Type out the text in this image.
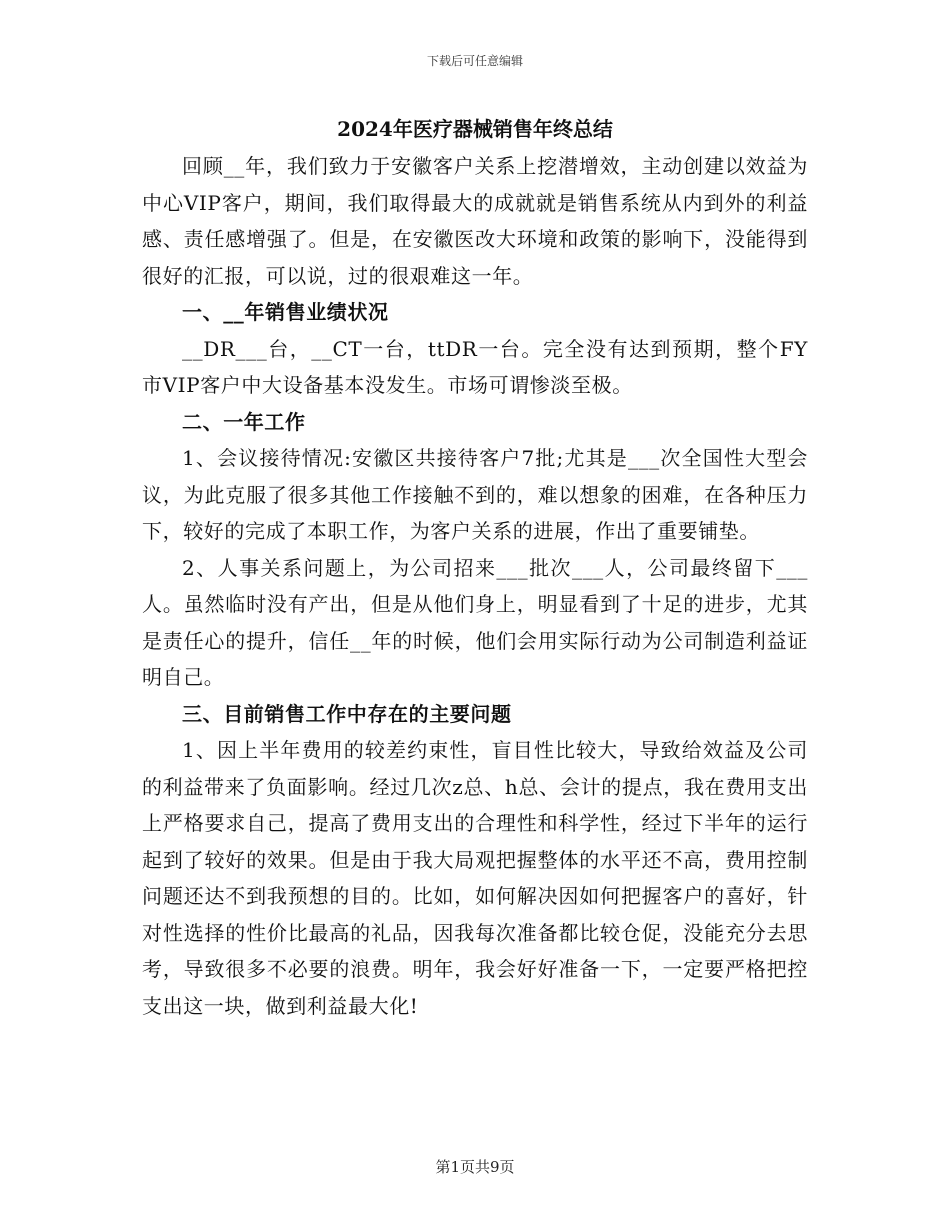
下载后可任意编辑
2024年医疗器械销售年终总结

回顾__年，我们致力于安徽客户关系上挖潜增效，主动创建以效益为中心VIP客户，期间，我们取得最大的成就就是销售系统从内到外的利益感、责任感增强了。但是，在安徽医改大环境和政策的影响下，没能得到很好的汇报，可以说，过的很艰难这一年。

一、__年销售业绩状况

__DR___台，__CT一台，ttDR一台。完全没有达到预期，整个FY市VIP客户中大设备基本没发生。市场可谓惨淡至极。

二、一年工作

1、会议接待情况:安徽区共接待客户7批;尤其是___次全国性大型会议，为此克服了很多其他工作接触不到的，难以想象的困难，在各种压力下，较好的完成了本职工作，为客户关系的进展，作出了重要铺垫。

2、人事关系问题上，为公司招来___批次___人，公司最终留下___人。虽然临时没有产出，但是从他们身上，明显看到了十足的进步，尤其是责任心的提升，信任__年的时候，他们会用实际行动为公司制造利益证明自己。

三、目前销售工作中存在的主要问题

1、因上半年费用的较差约束性，盲目性比较大，导致给效益及公司的利益带来了负面影响。经过几次z总、h总、会计的提点，我在费用支出上严格要求自己，提高了费用支出的合理性和科学性，经过下半年的运行起到了较好的效果。但是由于我大局观把握整体的水平还不高，费用控制问题还达不到我预想的目的。比如，如何解决因如何把握客户的喜好，针对性选择的性价比最高的礼品，因我每次准备都比较仓促，没能充分去思考，导致很多不必要的浪费。明年，我会好好准备一下，一定要严格把控支出这一块，做到利益最大化!

第1页共9页
